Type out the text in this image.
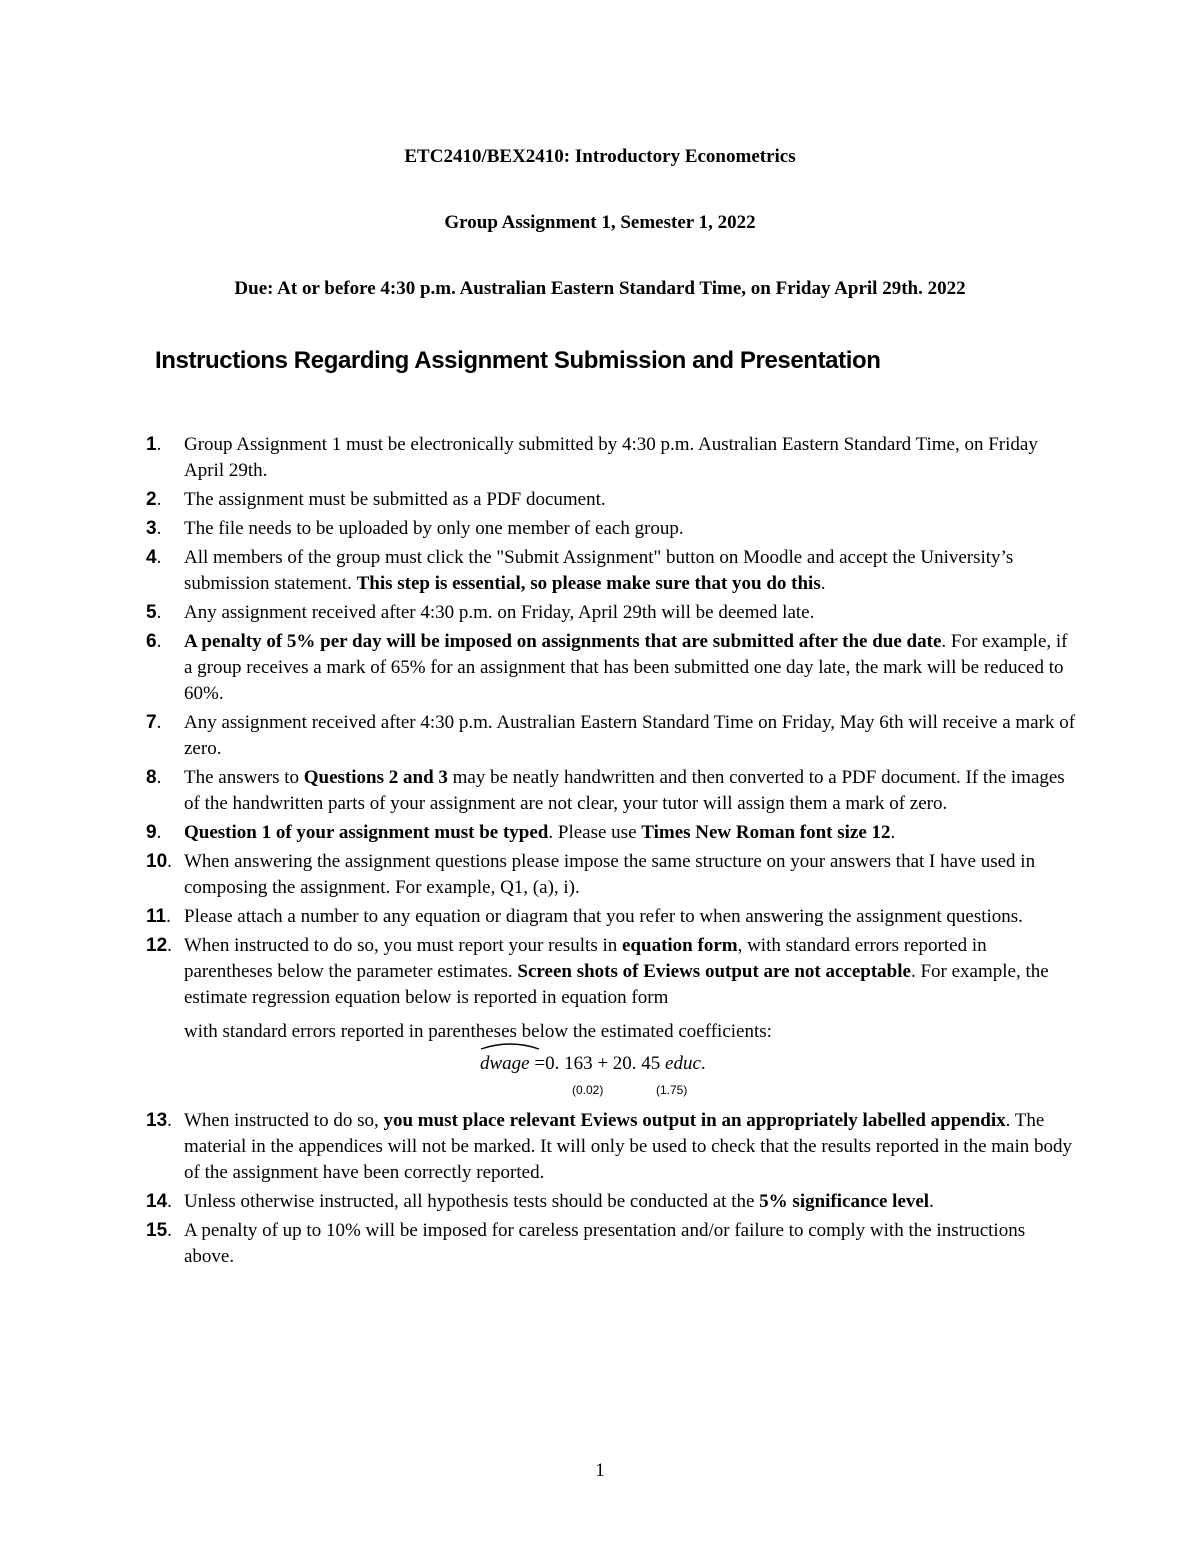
ETC2410/BEX2410: Introductory Econometrics
Group Assignment 1, Semester 1, 2022
Due: At or before 4:30 p.m. Australian Eastern Standard Time, on Friday April 29th. 2022
Instructions Regarding Assignment Submission and Presentation
1 . Group Assignment 1 must be electronically submitted by 4:30 p.m. Australian Eastern Standard Time, on Friday April 29th.
2 . The assignment must be submitted as a PDF document.
3 . The file needs to be uploaded by only one member of each group.
4 . All members of the group must click the "Submit Assignment" button on Moodle and accept the University’s submission statement. This step is essential, so please make sure that you do this.
5 . Any assignment received after 4:30 p.m. on Friday, April 29th will be deemed late.
6 . A penalty of 5% per day will be imposed on assignments that are submitted after the due date. For example, if a group receives a mark of 65% for an assignment that has been submitted one day late, the mark will be reduced to 60%.
7 . Any assignment received after 4:30 p.m. Australian Eastern Standard Time on Friday, May 6th will receive a mark of zero.
8 . The answers to Questions 2 and 3 may be neatly handwritten and then converted to a PDF document. If the images of the handwritten parts of your assignment are not clear, your tutor will assign them a mark of zero.
9 . Question 1 of your assignment must be typed. Please use Times New Roman font size 12.
10 . When answering the assignment questions please impose the same structure on your answers that I have used in composing the assignment. For example, Q1, (a), i).
11 . Please attach a number to any equation or diagram that you refer to when answering the assignment questions.
12 . When instructed to do so, you must report your results in equation form, with standard errors reported in parentheses below the parameter estimates. Screen shots of Eviews output are not acceptable. For example, the estimate regression equation below is reported in equation form
with standard errors reported in parentheses below the estimated coefficients:
dwage =0. 163 + 20. 45 educ.
(0.02)	(1.75)
13 . When instructed to do so, you must place relevant Eviews output in an appropriately labelled appendix. The material in the appendices will not be marked. It will only be used to check that the results reported in the main body of the assignment have been correctly reported.
14 . Unless otherwise instructed, all hypothesis tests should be conducted at the 5% significance level.
15 . A penalty of up to 10% will be imposed for careless presentation and/or failure to comply with the instructions above.
1
